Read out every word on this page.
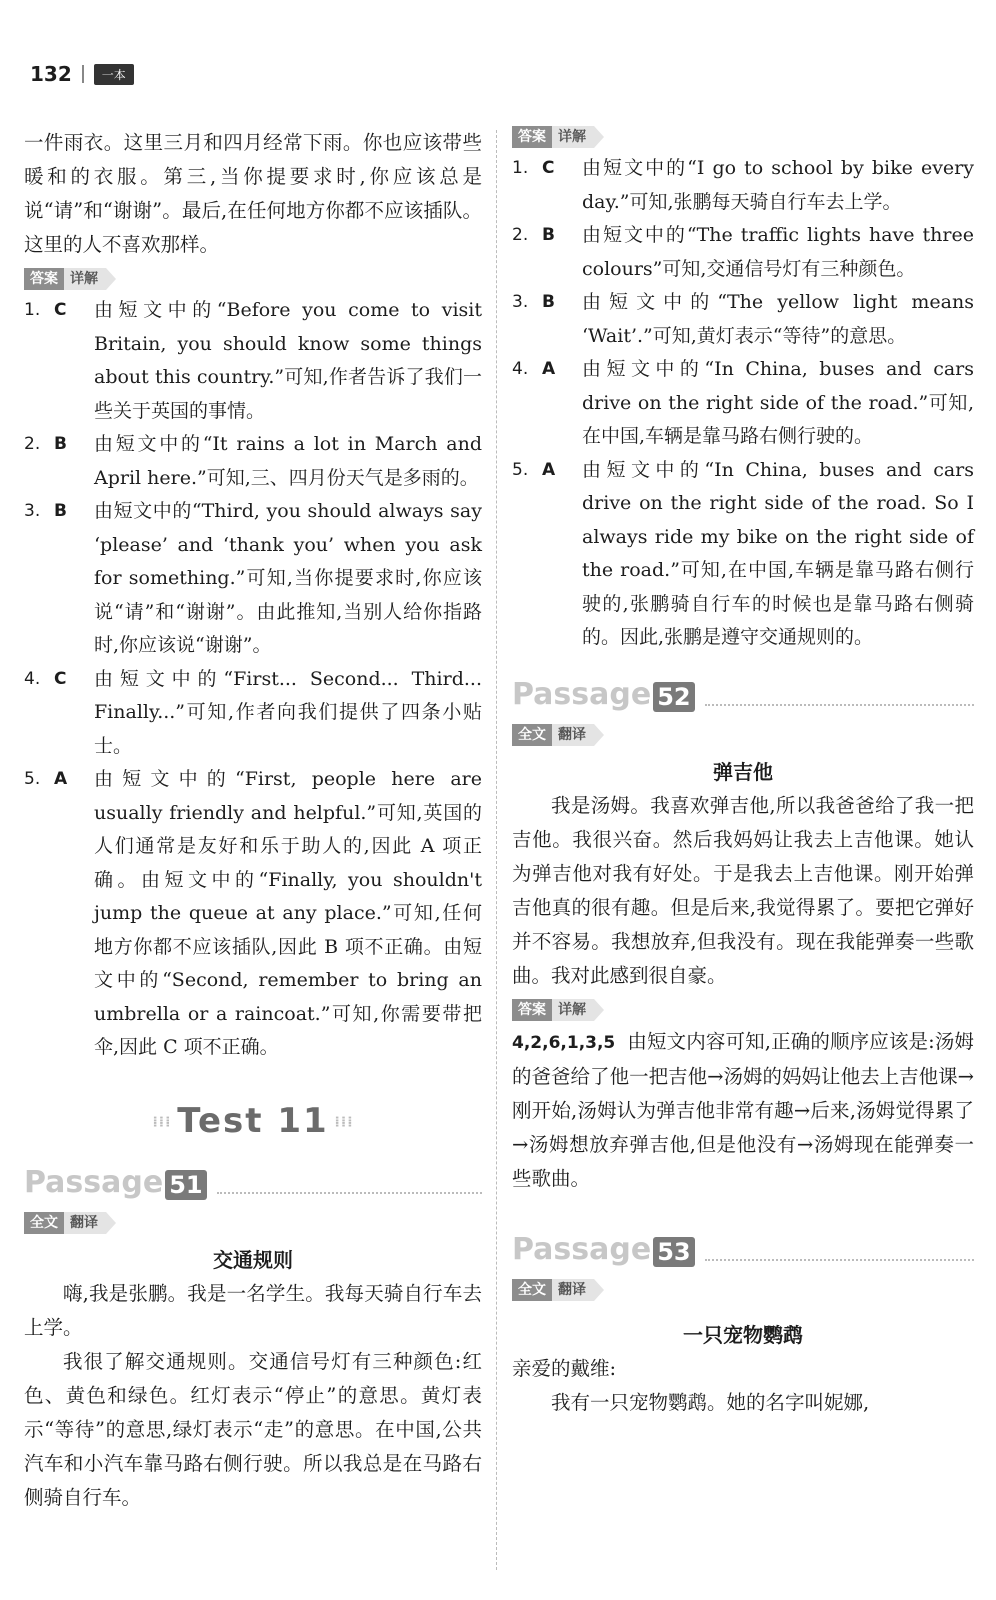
132	一本

一件雨衣。这里三月和四月经常下雨。你也应该带些暖和的衣服。第三,当你提要求时,你应该总是说“请”和“谢谢”。最后,在任何地方你都不应该插队。这里的人不喜欢那样。

答案 详解
1. C	由短文中的“Before you come to visit Britain, you should know some things about this country.”可知,作者告诉了我们一些关于英国的事情。
2. B	由短文中的“It rains a lot in March and April here.”可知,三、四月份天气是多雨的。
3. B	由短文中的“Third, you should always say ‘please’ and ‘thank you’ when you ask for something.”可知,当你提要求时,你应该说“请”和“谢谢”。由此推知,当别人给你指路时,你应该说“谢谢”。
4. C	由短文中的“First... Second... Third... Finally...”可知,作者向我们提供了四条小贴士。
5. A	由短文中的“First, people here are usually friendly and helpful.”可知,英国的人们通常是友好和乐于助人的,因此 A 项正确。由短文中的“Finally, you shouldn't jump the queue at any place.”可知,任何地方你都不应该插队,因此 B 项不正确。由短文中的“Second, remember to bring an umbrella or a raincoat.”可知,你需要带把伞,因此 C 项不正确。
⁞⁞⁞ Test 11 ⁞⁞⁞
Passage 51
全文 翻译

交通规则

嗨,我是张鹏。我是一名学生。我每天骑自行车去上学。

我很了解交通规则。交通信号灯有三种颜色:红色、黄色和绿色。红灯表示“停止”的意思。黄灯表示“等待”的意思,绿灯表示“走”的意思。在中国,公共汽车和小汽车靠马路右侧行驶。所以我总是在马路右侧骑自行车。

答案 详解
1. C	由短文中的“I go to school by bike every day.”可知,张鹏每天骑自行车去上学。
2. B	由短文中的“The traffic lights have three colours”可知,交通信号灯有三种颜色。
3. B	由短文中的“The yellow light means ‘Wait’.”可知,黄灯表示“等待”的意思。
4. A	由短文中的“In China, buses and cars drive on the right side of the road.”可知,在中国,车辆是靠马路右侧行驶的。
5. A	由短文中的“In China, buses and cars drive on the right side of the road. So I always ride my bike on the right side of the road.”可知,在中国,车辆是靠马路右侧行驶的,张鹏骑自行车的时候也是靠马路右侧骑的。因此,张鹏是遵守交通规则的。
Passage 52
全文 翻译

弹吉他

我是汤姆。我喜欢弹吉他,所以我爸爸给了我一把吉他。我很兴奋。然后我妈妈让我去上吉他课。她认为弹吉他对我有好处。于是我去上吉他课。刚开始弹吉他真的很有趣。但是后来,我觉得累了。要把它弹好并不容易。我想放弃,但我没有。现在我能弹奏一些歌曲。我对此感到很自豪。

答案 详解

4,2,6,1,3,5 由短文内容可知,正确的顺序应该是:汤姆的爸爸给了他一把吉他→汤姆的妈妈让他去上吉他课→刚开始,汤姆认为弹吉他非常有趣→后来,汤姆觉得累了→汤姆想放弃弹吉他,但是他没有→汤姆现在能弹奏一些歌曲。

Passage 53
全文 翻译

一只宠物鹦鹉

亲爱的戴维:

我有一只宠物鹦鹉。她的名字叫妮娜,
